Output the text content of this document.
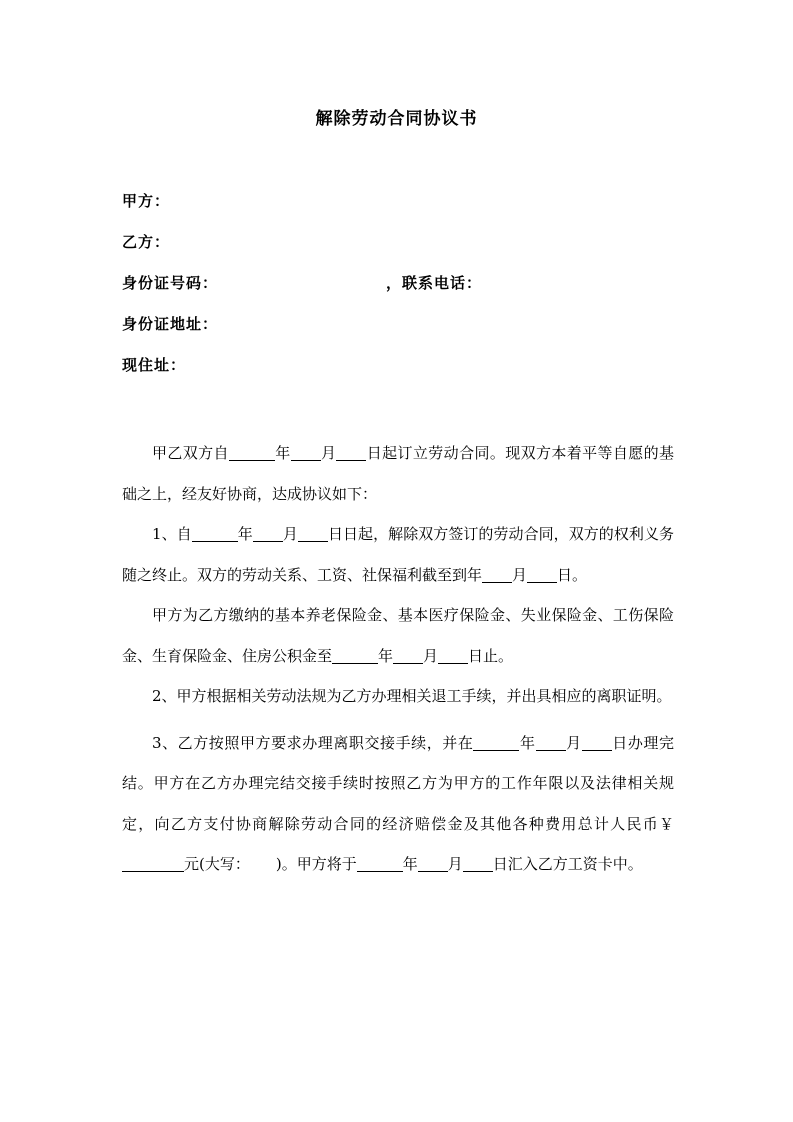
解除劳动合同协议书
甲方：
乙方：
身份证号码：	，联系电话：
身份证地址：
现住址：

甲乙双方自	年 月 日起订立劳动合同。现双方本着平等自愿的基础之上，经友好协商，达成协议如下：

1、自	年 月 日日起，解除双方签订的劳动合同，双方的权利义务随之终止。双方的劳动关系、工资、社保福利截至到年 月 日。

甲方为乙方缴纳的基本养老保险金、基本医疗保险金、失业保险金、工伤保险金、生育保险金、住房公积金至	年 月 日止。

2、甲方根据相关劳动法规为乙方办理相关退工手续，并出具相应的离职证明。

3、乙方按照甲方要求办理离职交接手续，并在	年 月 日办理完结。甲方在乙方办理完结交接手续时按照乙方为甲方的工作年限以及法律相关规定，向乙方支付协商解除劳动合同的经济赔偿金及其他各种费用总计人民币￥元(大写： )。甲方将于	年 月 日汇入乙方工资卡中。
